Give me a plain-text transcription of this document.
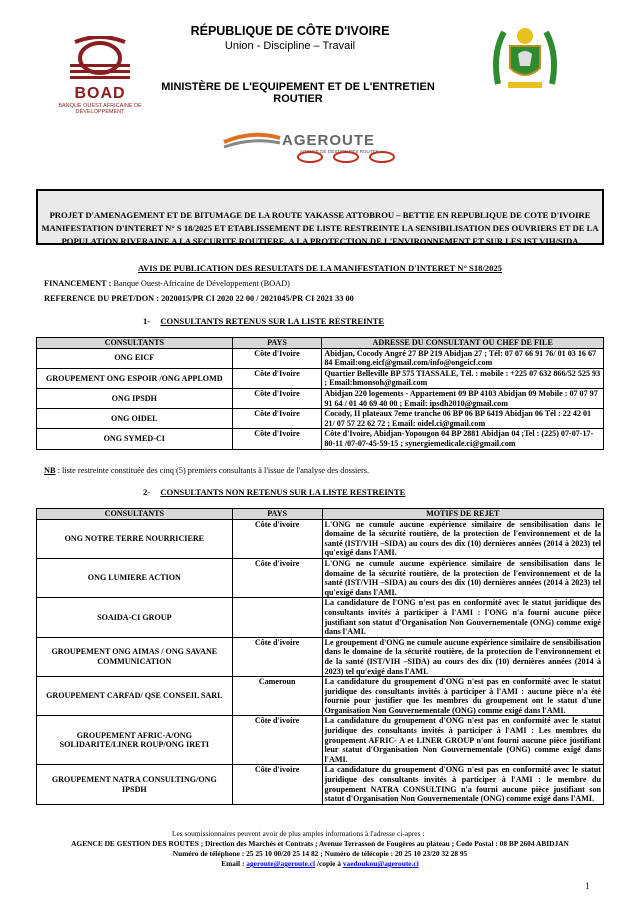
RÉPUBLIQUE DE CÔTE D'IVOIRE
Union - Discipline – Travail
MINISTÈRE DE L'EQUIPEMENT ET DE L'ENTRETIEN ROUTIER
BOAD
BANQUE OUEST AFRICAINE DE DÉVELOPPEMENT
AGEROUTE
AGENCE DE GESTION DES ROUTES
PROJET D'AMENAGEMENT ET DE BITUMAGE DE LA ROUTE YAKASSE ATTOBROU – BETTIE EN REPUBLIQUE DE COTE D'IVOIRE
MANIFESTATION D'INTERET N° S 18/2025 ET ETABLISSEMENT DE LISTE RESTREINTE LA SENSIBILISATION DES OUVRIERS ET DE LA POPULATION RIVERAINE A LA SECURITE ROUTIERE, A LA PROTECTION DE L'ENVIRONNEMENT ET SUR LES IST VIH/SIDA
AVIS DE PUBLICATION DES RESULTATS DE LA MANIFESTATION D'INTERET N° S18/2025
FINANCEMENT : Banque Ouest-Africaine de Développement (BOAD)
REFERENCE DU PRET/DON : 2020015/PR CI 2020 22 00 / 2021045/PR CI 2021 33 00
1- CONSULTANTS RETENUS SUR LA LISTE RESTREINTE
CONSULTANTS	PAYS	ADRESSE DU CONSULTANT OU CHEF DE FILE
ONG EICF	Côte d'Ivoire	Abidjan, Cocody Angré 27 BP 219 Abidjan 27 ; Tél: 07 07 66 91 76/ 01 03 16 67 84 Email:ong.eicf@gmail.com/info@ongeicf.com
GROUPEMENT ONG ESPOIR /ONG APPLOMD	Côte d'Ivoire	Quartier Belleville BP 575 TIASSALE, Tél. : mobile : +225 07 632 866/52 525 93 ; Email:hmonsoh@gmail.com
ONG IPSDH	Côte d'Ivoire	Abidjan 220 logements - Appartement 09 BP 4103 Abidjan 09 Mobile : 07 07 97 91 64 / 01 40 69 40 00 ; Email: ipsdh2010@gmail.com
ONG OIDEL	Côte d'Ivoire	Cocody, II plateaux 7eme tranche 06 BP 06 BP 6419 Abidjan 06 Tél : 22 42 01 21/ 07 57 22 62 72 ; Email: oidel.ci@gmail.com
ONG SYMED-CI	Côte d'Ivoire	Côte d'Ivoire, Abidjan-Yopougon 04 BP 2881 Abidjan 04 ;Tel : (225) 07-07-17-80-11 /07-07-45-59-15 ; synergiemedicale.ci@gmail.com
NB : liste restreinte constituée des cinq (5) premiers consultants à l'issue de l'analyse des dossiers.
2- CONSULTANTS NON RETENUS SUR LA LISTE RESTREINTE
CONSULTANTS	PAYS	MOTIFS DE REJET
ONG NOTRE TERRE NOURRICIERE	Côte d'ivoire	L'ONG ne cumule aucune expérience similaire de sensibilisation dans le domaine de la sécurité routière, de la protection de l'environnement et de la santé (IST/VIH –SIDA) au cours des dix (10) dernières années (2014 à 2023) tel qu'exigé dans l'AMI.
ONG LUMIERE ACTION	Côte d'ivoire	L'ONG ne cumule aucune expérience similaire de sensibilisation dans le domaine de la sécurité routière, de la protection de l'environnement et de la santé (IST/VIH –SIDA) au cours des dix (10) dernières années (2014 à 2023) tel qu'exigé dans l'AMI.
SOAIDA-CI GROUP		La candidature de l'ONG n'est pas en conformité avec le statut juridique des consultants invités à participer à l'AMI : l'ONG n'a fourni aucune pièce justifiant son statut d'Organisation Non Gouvernementale (ONG) comme exigé dans l'AMI.
GROUPEMENT ONG AIMAS / ONG SAVANE COMMUNICATION	Côte d'ivoire	Le groupement d'ONG ne cumule aucune expérience similaire de sensibilisation dans le domaine de la sécurité routière, de la protection de l'environnement et de la santé (IST/VIH –SIDA) au cours des dix (10) dernières années (2014 à 2023) tel qu'exigé dans l'AMI.
GROUPEMENT CARFAD/ QSE CONSEIL SARL	Cameroun	La candidature du groupement d'ONG n'est pas en conformité avec le statut juridique des consultants invités à participer à l'AMI : aucune pièce n'a été fournie pour justifier que les membres du groupement ont le statut d'une Organisation Non Gouvernementale (ONG) comme exigé dans l'AMI.
GROUPEMENT AFRIC-A/ONG SOLIDARITE/LINER ROUP/ONG IRETI	Côte d'ivoire	La candidature du groupement d'ONG n'est pas en conformité avec le statut juridique des consultants invités à participer à l'AMI : Les membres du groupement AFRIC- A et LINER GROUP n'ont fourni aucune pièce justifiant leur statut d'Organisation Non Gouvernementale (ONG) comme exigé dans l'AMI.
GROUPEMENT NATRA CONSULTING/ONG IPSDH	Côte d'ivoire	La candidature du groupement d'ONG n'est pas en conformité avec le statut juridique des consultants invités à participer à l'AMI : le membre du groupement NATRA CONSULTING n'a fourni aucune pièce justifiant son statut d'Organisation Non Gouvernementale (ONG) comme exigé dans l'AMI.
Les soumissionnaires peuvent avoir de plus amples informations à l'adresse ci-apres :
AGENCE DE GESTION DES ROUTES ; Direction des Marchés et Contrats ; Avenue Terrasson de Fougères au plateau ; Code Postal : 08 BP 2604 ABIDJAN
Numéro de téléphone : 25 25 10 00/20 25 14 82 ; Numéro de télécopie : 20 25 10 23/20 32 28 95
Email : ageroute@ageroute.ci /copie à vaedoukou@ageroute.ci
1
